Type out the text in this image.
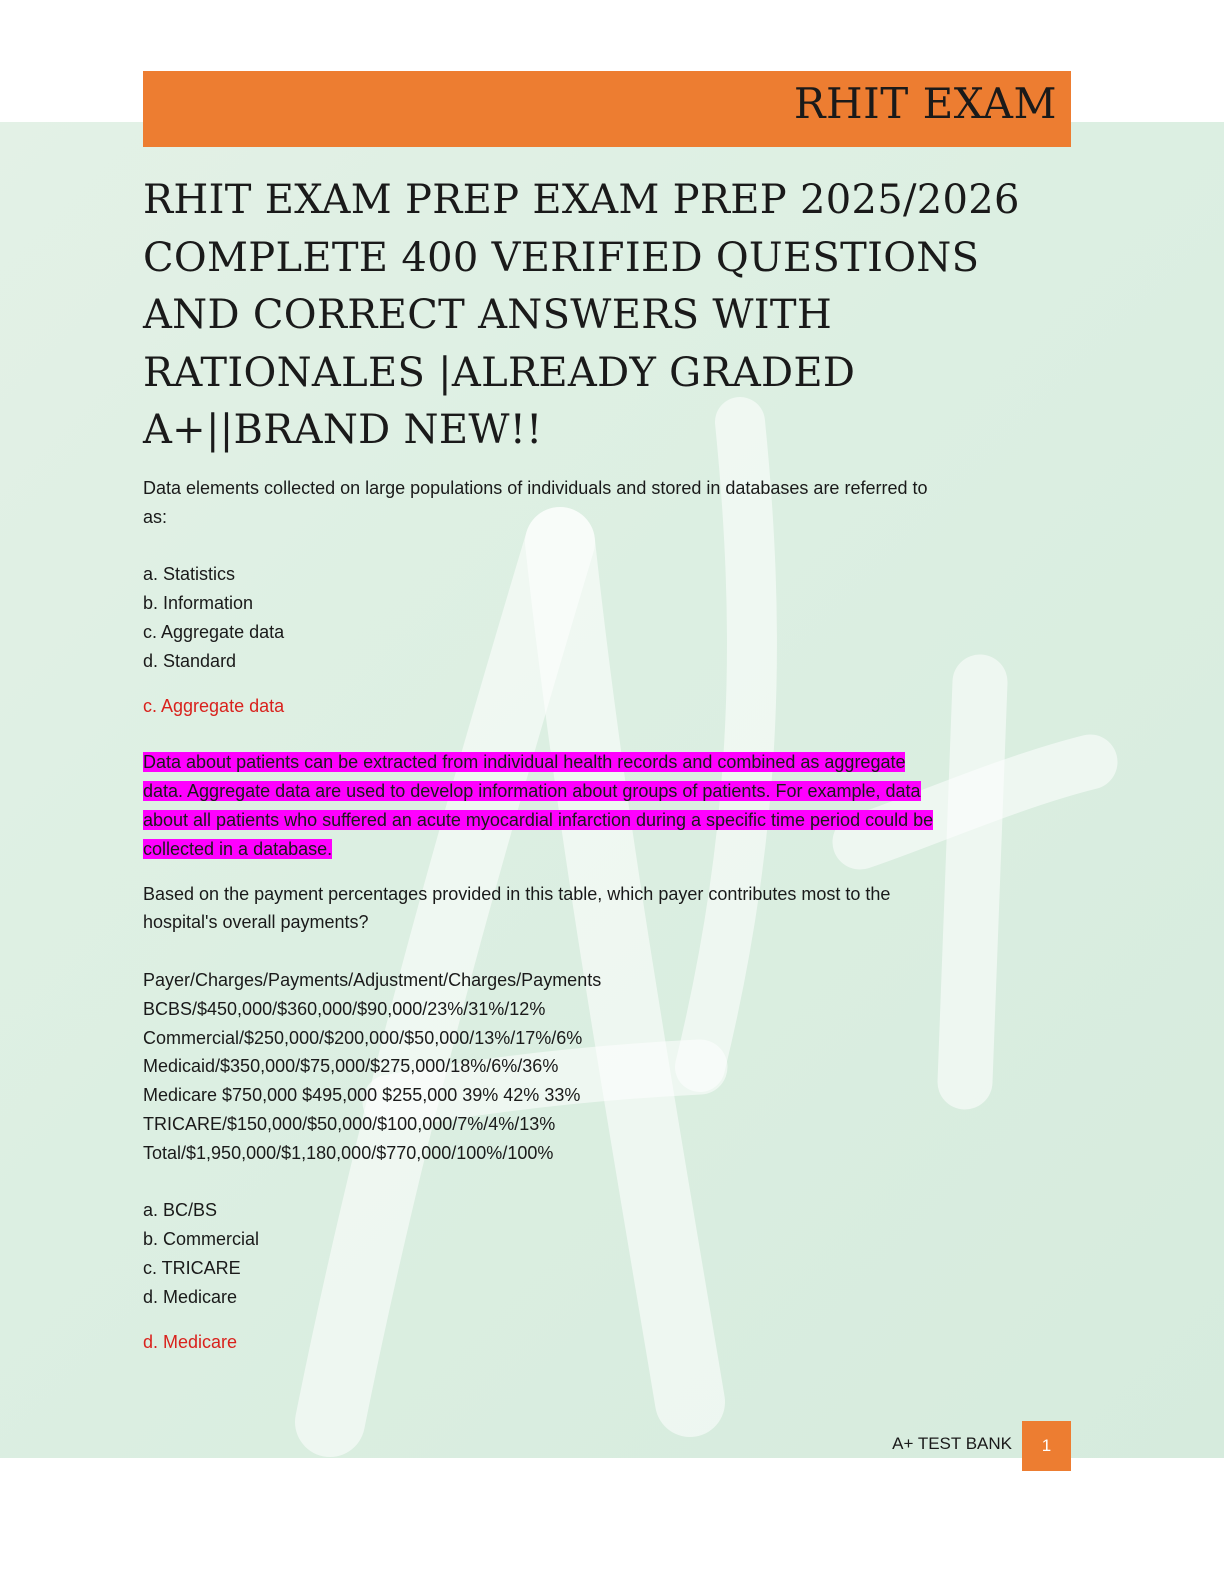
RHIT EXAM
RHIT EXAM PREP EXAM PREP 2025/2026
COMPLETE 400 VERIFIED QUESTIONS
AND CORRECT ANSWERS WITH
RATIONALES |ALREADY GRADED
A+||BRAND NEW!!

Data elements collected on large populations of individuals and stored in databases are referred to
as:

a. Statistics

b. Information

c. Aggregate data

d. Standard

c. Aggregate data

Data about patients can be extracted from individual health records and combined as aggregate
data. Aggregate data are used to develop information about groups of patients. For example, data
about all patients who suffered an acute myocardial infarction during a specific time period could be
collected in a database.

Based on the payment percentages provided in this table, which payer contributes most to the
hospital's overall payments?

Payer/Charges/Payments/Adjustment/Charges/Payments

BCBS/$450,000/$360,000/$90,000/23%/31%/12%

Commercial/$250,000/$200,000/$50,000/13%/17%/6%

Medicaid/$350,000/$75,000/$275,000/18%/6%/36%

Medicare $750,000 $495,000 $255,000 39% 42% 33%

TRICARE/$150,000/$50,000/$100,000/7%/4%/13%

Total/$1,950,000/$1,180,000/$770,000/100%/100%

a. BC/BS

b. Commercial

c. TRICARE

d. Medicare

d. Medicare

A+ TEST BANK	1
